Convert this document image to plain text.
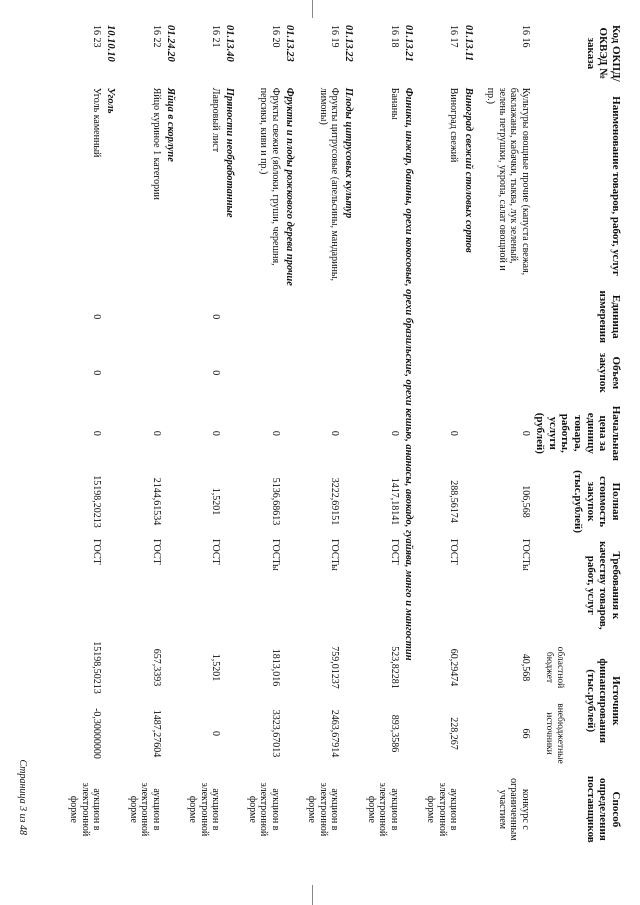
Код ОКПД/ ОКВЭД № заказа	Наименование товаров, работ, услуг	Единица измерения	Объем закупок	Начальная цена за единицу товара, работы, услуги (рублей)	Полная стоимость закупок (тыс.рублей)	Требования к качеству товаров, работ, услуг	Источник финансирования (тыс.рублей)		Способ определения поставщиков
							областной бюджет	внебюджетные источники	
16 16	Культуры овощные прочие (капуста свежая, баклажаны, кабачки, тыква, лук зеленый, зелень петрушки, укропа, салат овощной и пр.)			0	106,568	ГОСТы	40,568	66	конкурс с ограниченным участием
01.13.11	Виноград свежий столовых сортов								
16 17	Виноград свежий			0	288,56174	ГОСТ	60,29474	228,267	аукцион в электронной форме
01.13.21	Финики, инжир, бананы, орехи кокосовые, орехи бразильские, орехи кешью, ананасы, авокадо, гуайява, манго и мангостин								
16 18	Бананы			0	1417,18141	ГОСТ	523,82281	893,3586	аукцион в электронной форме
01.13.22	Плоды цитрусовых культур								
16 19	Фрукты цитрусовые (апельсины, мандарины, лимоны)			0	3222,69151	ГОСТы	759,01237	2463,67914	аукцион в электронной форме
01.13.23	Фрукты и плоды рожкового дерева прочие								
16 20	Фрукты свежие (яблоки, груши, черешня, персики, киви и пр.)			0	5136,68613	ГОСТы	1813,016	3323,67013	аукцион в электронной форме
01.13.40	Пряности необработанные								
16 21	Лавровый лист	0	0	0	1,5201	ГОСТ	1,5201	0	аукцион в электронной форме
01.24.20	Яйца в скорлупе								
16 22	Яйцо куриное 1 категории			0	2144,61534	ГОСТ	657,3393	1487,27604	аукцион в электронной форме
10.10.10	Уголь								
16 23	Уголь каменный	0	0	0	15198,20213	ГОСТ	15198,50213	-0,30000000	аукцион в электронной форме
Страница 3 из 48
